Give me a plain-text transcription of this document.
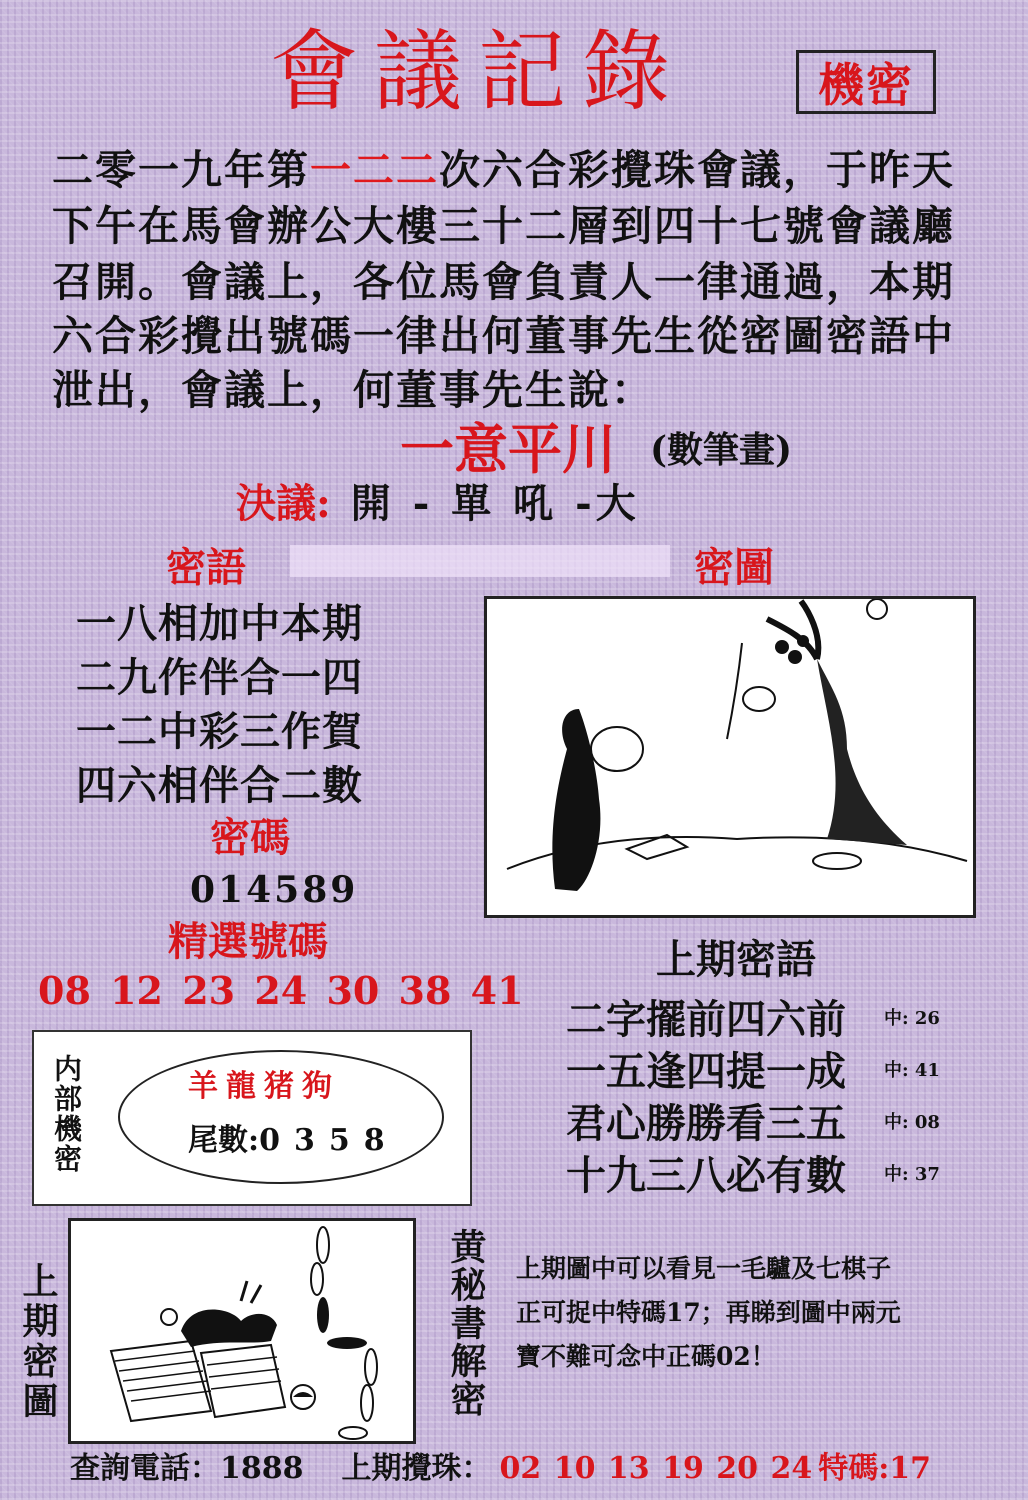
會議記錄	機密
二零一九年第一二二次六合彩攪珠會議，于昨天
下午在馬會辦公大樓三十二層到四十七號會議廳
召開。會議上，各位馬會負責人一律通過，本期
六合彩攪出號碼一律出何董事先生從密圖密語中
泄出，會議上，何董事先生說：
一意平川 (數筆畫)
決議: 開 - 單 吼 -大
密語
一八相加中本期
二九作伴合一四
一二中彩三作賀
四六相伴合二數
密碼
014589
精選號碼
08 12 23 24 30 38 41
密圖
上期密語
二字擺前四六前 中: 26
一五逢四提一成 中: 41
君心勝勝看三五 中: 08
十九三八必有數 中: 37
内部機密	羊龍猪狗
尾數:0358
上期密圖	黄秘書解密 上期圖中可以看見一毛驢及七棋子
正可捉中特碼17；再睇到圖中兩元
寶不難可念中正碼02！
查詢電話：1888 上期攪珠： 02 10 13 19 20 24 特碼:17
